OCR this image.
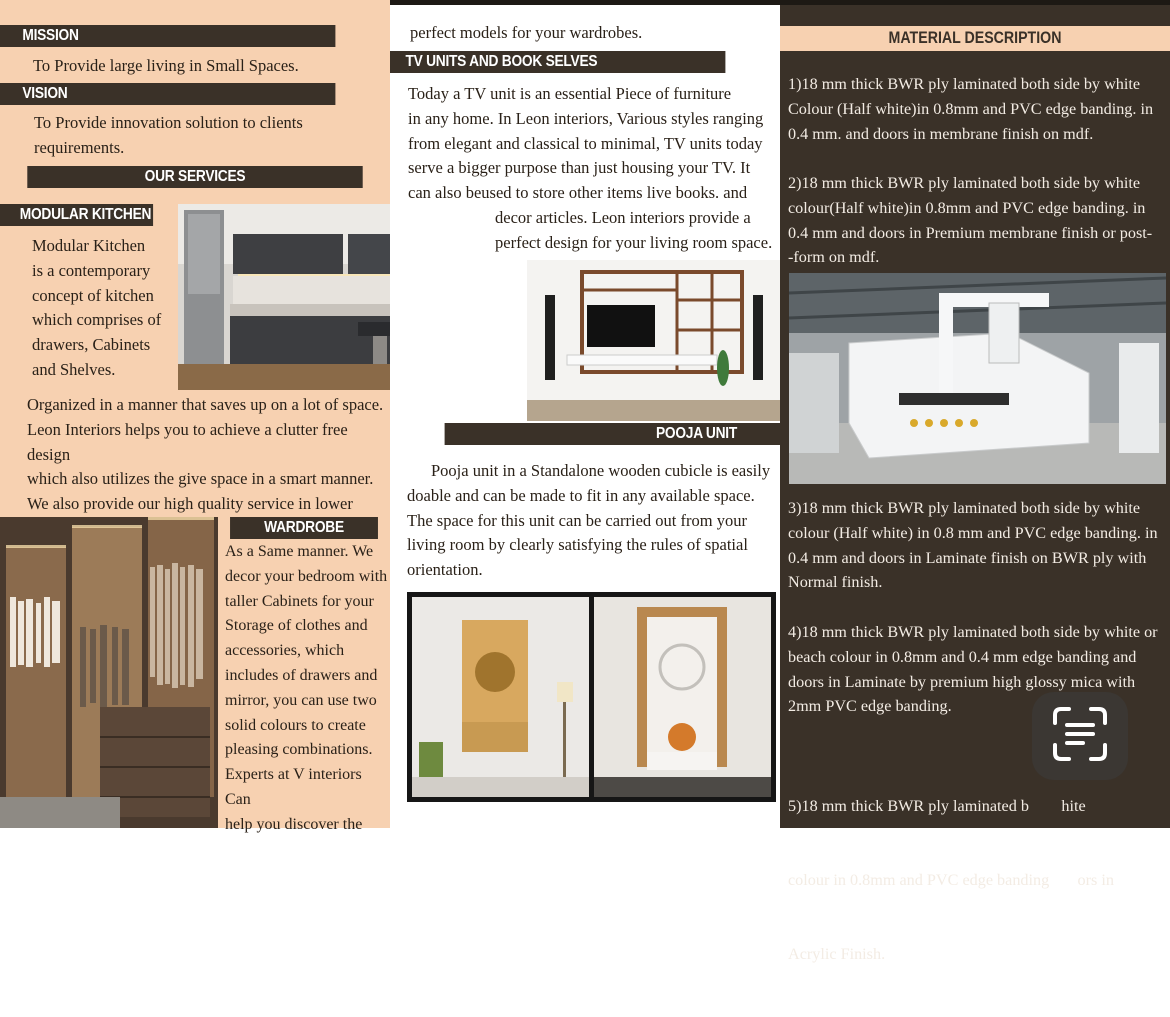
MISSION
To Provide large living in Small Spaces.
VISION
To Provide innovation solution to clients
requirements.
OUR SERVICES
MODULAR KITCHEN
Modular Kitchen
is a contemporary
concept of kitchen
which comprises of
drawers, Cabinets
and Shelves.
Organized in a manner that saves up on a lot of space.
Leon Interiors helps you to achieve a clutter free design
which also utilizes the give space in a smart manner.
We also provide our high quality service in lower
WARDROBE
As a Same manner. We
decor your bedroom with
taller Cabinets for your
Storage of clothes and
accessories, which
includes of drawers and
mirror, you can use two
solid colours to create
pleasing combinations.
Experts at V interiors Can
help you discover the
perfect models for your wardrobes.
TV UNITS AND BOOK SELVES
Today a TV unit is an essential Piece of furniture
in any home. In Leon interiors, Various styles ranging
from elegant and classical to minimal, TV units today
serve a bigger purpose than just housing your TV. It
can also beused to store other items live books. and
decor articles. Leon interiors provide a
perfect design for your living room space.
POOJA UNIT
Pooja unit in a Standalone wooden cubicle is easily
doable and can be made to fit in any available space.
The space for this unit can be carried out from your
living room by clearly satisfying the rules of spatial
orientation.
MATERIAL DESCRIPTION
1)18 mm thick BWR ply laminated both side by white
Colour (Half white)in 0.8mm and PVC edge banding. in
0.4 mm. and doors in membrane finish on mdf.
2)18 mm thick BWR ply laminated both side by white
colour(Half white)in 0.8mm and PVC edge banding. in
0.4 mm and doors in Premium membrane finish or post-
-form on mdf.
3)18 mm thick BWR ply laminated both side by white
colour (Half white) in 0.8 mm and PVC edge banding. in
0.4 mm and doors in Laminate finish on BWR ply with
Normal finish.
4)18 mm thick BWR ply laminated both side by white or
beach colour in 0.8mm and 0.4 mm edge banding and
doors in Laminate by premium high glossy mica with
2mm PVC edge banding.

5)18 mm thick BWR ply laminated b        hite

colour in 0.8mm and PVC edge banding       ors in

Acrylic Finish.
